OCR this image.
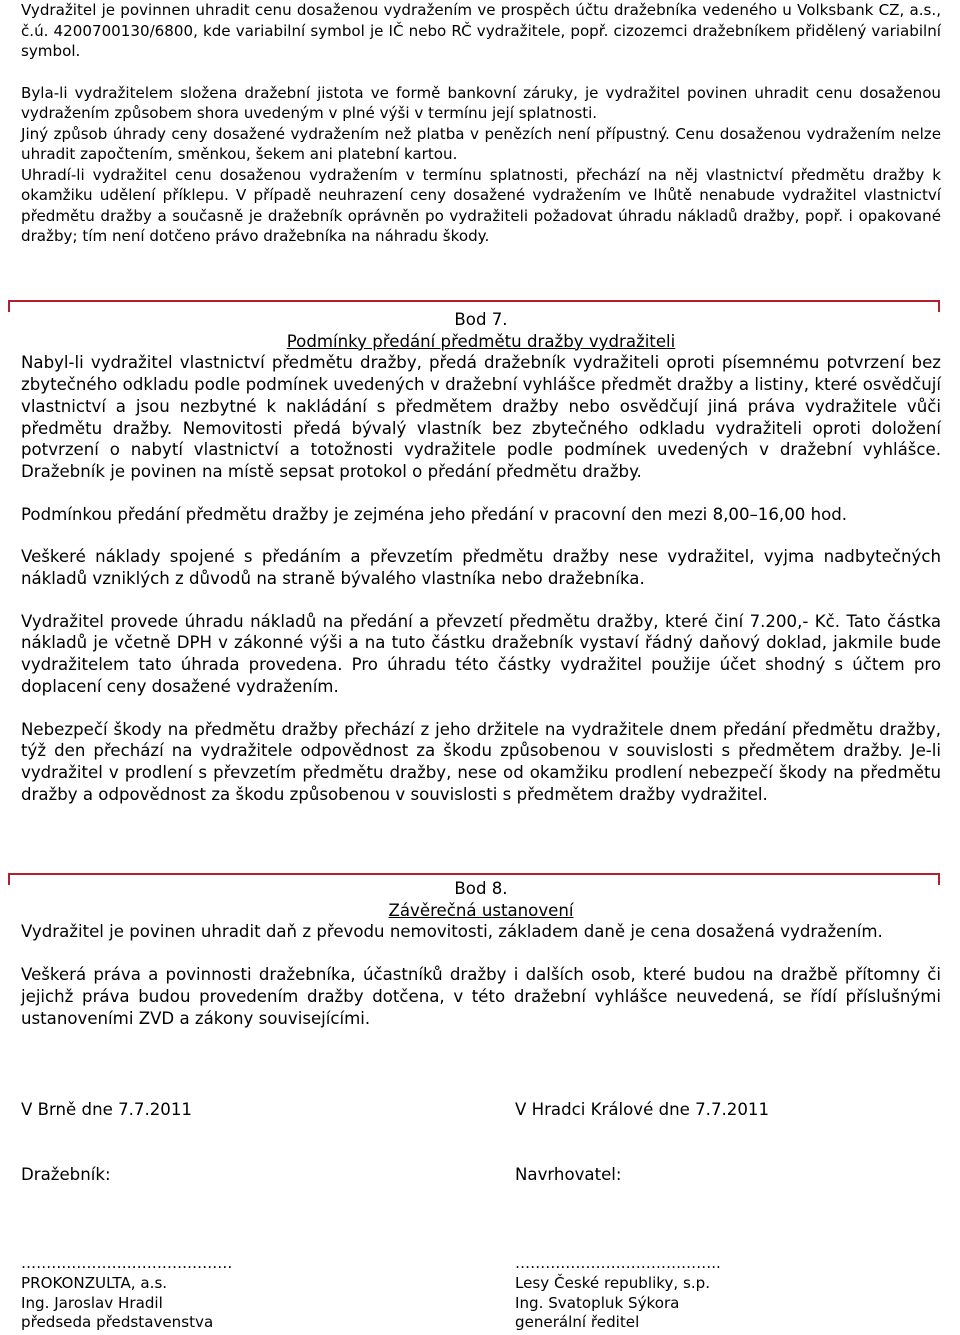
Vydražitel je povinnen uhradit cenu dosaženou vydražením ve prospěch účtu dražebníka vedeného u Volksbank CZ, a.s., č.ú. 4200700130/6800, kde variabilní symbol je IČ nebo RČ vydražitele, popř. cizozemci dražebníkem přidělený variabilní symbol.

Byla-li vydražitelem složena dražební jistota ve formě bankovní záruky, je vydražitel povinen uhradit cenu dosaženou vydražením způsobem shora uvedeným v plné výši v termínu její splatnosti.

Jiný způsob úhrady ceny dosažené vydražením než platba v penězích není přípustný. Cenu dosaženou vydražením nelze uhradit započtením, směnkou, šekem ani platební kartou.

Uhradí-li vydražitel cenu dosaženou vydražením v termínu splatnosti, přechází na něj vlastnictví předmětu dražby k okamžiku udělení příklepu. V případě neuhrazení ceny dosažené vydražením ve lhůtě nenabude vydražitel vlastnictví předmětu dražby a současně je dražebník oprávněn po vydražiteli požadovat úhradu nákladů dražby, popř. i opakované dražby; tím není dotčeno právo dražebníka na náhradu škody.

Bod 7.
Podmínky předání předmětu dražby vydražiteli

Nabyl-li vydražitel vlastnictví předmětu dražby, předá dražebník vydražiteli oproti písemnému potvrzení bez zbytečného odkladu podle podmínek uvedených v dražební vyhlášce předmět dražby a listiny, které osvědčují vlastnictví a jsou nezbytné k nakládání s předmětem dražby nebo osvědčují jiná práva vydražitele vůči předmětu dražby. Nemovitosti předá bývalý vlastník bez zbytečného odkladu vydražiteli oproti doložení potvrzení o nabytí vlastnictví a totožnosti vydražitele podle podmínek uvedených v dražební vyhlášce. Dražebník je povinen na místě sepsat protokol o předání předmětu dražby.

Podmínkou předání předmětu dražby je zejména jeho předání v pracovní den mezi 8,00–16,00 hod.

Veškeré náklady spojené s předáním a převzetím předmětu dražby nese vydražitel, vyjma nadbytečných nákladů vzniklých z důvodů na straně bývalého vlastníka nebo dražebníka.

Vydražitel provede úhradu nákladů na předání a převzetí předmětu dražby, které činí 7.200,- Kč. Tato částka nákladů je včetně DPH v zákonné výši a na tuto částku dražebník vystaví řádný daňový doklad, jakmile bude vydražitelem tato úhrada provedena. Pro úhradu této částky vydražitel použije účet shodný s účtem pro doplacení ceny dosažené vydražením.

Nebezpečí škody na předmětu dražby přechází z jeho držitele na vydražitele dnem předání předmětu dražby, týž den přechází na vydražitele odpovědnost za škodu způsobenou v souvislosti s předmětem dražby. Je-li vydražitel v prodlení s převzetím předmětu dražby, nese od okamžiku prodlení nebezpečí škody na předmětu dražby a odpovědnost za škodu způsobenou v souvislosti s předmětem dražby vydražitel.

Bod 8.
Závěrečná ustanovení

Vydražitel je povinen uhradit daň z převodu nemovitosti, základem daně je cena dosažená vydražením.

Veškerá práva a povinnosti dražebníka, účastníků dražby i dalších osob, které budou na dražbě přítomny či jejichž práva budou provedením dražby dotčena, v této dražební vyhlášce neuvedená, se řídí příslušnými ustanoveními ZVD a zákony souvisejícími.

V Brně dne 7.7.2011
Dražebník:
……………………………………
PROKONZULTA, a.s.
Ing. Jaroslav Hradil
předseda představenstva
V Hradci Králové dne 7.7.2011
Navrhovatel:
…………………………………..
Lesy České republiky, s.p.
Ing. Svatopluk Sýkora
generální ředitel
